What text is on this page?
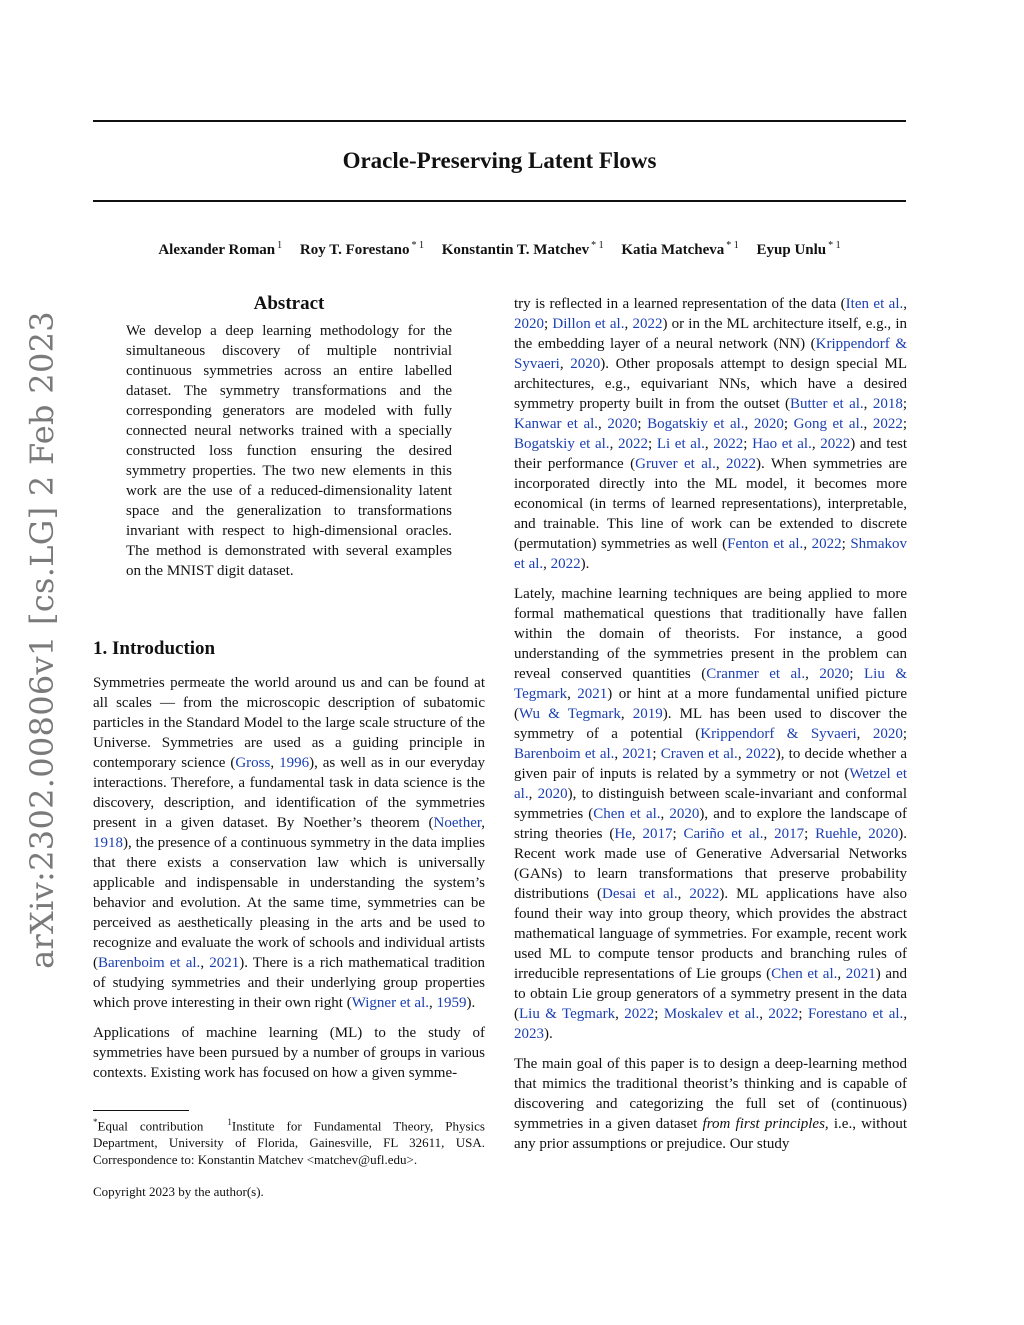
arXiv:2302.00806v1 [cs.LG] 2 Feb 2023
Oracle-Preserving Latent Flows
Alexander Roman $^1$ Roy T. Forestano $^{* 1}$ Konstantin T. Matchev $^{* 1}$ Katia Matcheva $^{* 1}$ Eyup Unlu $^{* 1}$
Abstract
We develop a deep learning methodology for the simultaneous discovery of multiple nontrivial continuous symmetries across an entire labelled dataset. The symmetry transformations and the corresponding generators are modeled with fully connected neural networks trained with a specially constructed loss function ensuring the desired symmetry properties. The two new elements in this work are the use of a reduced-dimensionality latent space and the generalization to transformations invariant with respect to high-dimensional oracles. The method is demonstrated with several examples on the MNIST digit dataset.
1. Introduction

Symmetries permeate the world around us and can be found at all scales — from the microscopic description of subatomic particles in the Standard Model to the large scale structure of the Universe. Symmetries are used as a guiding principle in contemporary science (Gross, 1996), as well as in our everyday interactions. Therefore, a fundamental task in data science is the discovery, description, and identification of the symmetries present in a given dataset. By Noether’s theorem (Noether, 1918), the presence of a continuous symmetry in the data implies that there exists a conservation law which is universally applicable and indispensable in understanding the system’s behavior and evolution. At the same time, symmetries can be perceived as aesthetically pleasing in the arts and be used to recognize and evaluate the work of schools and individual artists (Barenboim et al., 2021). There is a rich mathematical tradition of studying symmetries and their underlying group properties which prove interesting in their own right (Wigner et al., 1959).

Applications of machine learning (ML) to the study of symmetries have been pursued by a number of groups in various contexts. Existing work has focused on how a given symme-

try is reflected in a learned representation of the data (Iten et al., 2020; Dillon et al., 2022) or in the ML architecture itself, e.g., in the embedding layer of a neural network (NN) (Krippendorf & Syvaeri, 2020). Other proposals attempt to design special ML architectures, e.g., equivariant NNs, which have a desired symmetry property built in from the outset (Butter et al., 2018; Kanwar et al., 2020; Bogatskiy et al., 2020; Gong et al., 2022; Bogatskiy et al., 2022; Li et al., 2022; Hao et al., 2022) and test their performance (Gruver et al., 2022). When symmetries are incorporated directly into the ML model, it becomes more economical (in terms of learned representations), interpretable, and trainable. This line of work can be extended to discrete (permutation) symmetries as well (Fenton et al., 2022; Shmakov et al., 2022).

Lately, machine learning techniques are being applied to more formal mathematical questions that traditionally have fallen within the domain of theorists. For instance, a good understanding of the symmetries present in the problem can reveal conserved quantities (Cranmer et al., 2020; Liu & Tegmark, 2021) or hint at a more fundamental unified picture (Wu & Tegmark, 2019). ML has been used to discover the symmetry of a potential (Krippendorf & Syvaeri, 2020; Barenboim et al., 2021; Craven et al., 2022), to decide whether a given pair of inputs is related by a symmetry or not (Wetzel et al., 2020), to distinguish between scale-invariant and conformal symmetries (Chen et al., 2020), and to explore the landscape of string theories (He, 2017; Cariño et al., 2017; Ruehle, 2020). Recent work made use of Generative Adversarial Networks (GANs) to learn transformations that preserve probability distributions (Desai et al., 2022). ML applications have also found their way into group theory, which provides the abstract mathematical language of symmetries. For example, recent work used ML to compute tensor products and branching rules of irreducible representations of Lie groups (Chen et al., 2021) and to obtain Lie group generators of a symmetry present in the data (Liu & Tegmark, 2022; Moskalev et al., 2022; Forestano et al., 2023).

The main goal of this paper is to design a deep-learning method that mimics the traditional theorist’s thinking and is capable of discovering and categorizing the full set of (continuous) symmetries in a given dataset from first principles, i.e., without any prior assumptions or prejudice. Our study

*Equal contribution	$^1$Institute for Fundamental Theory, Physics Department, University of Florida, Gainesville, FL 32611, USA. Correspondence to: Konstantin Matchev <matchev@ufl.edu>.
Copyright 2023 by the author(s).
